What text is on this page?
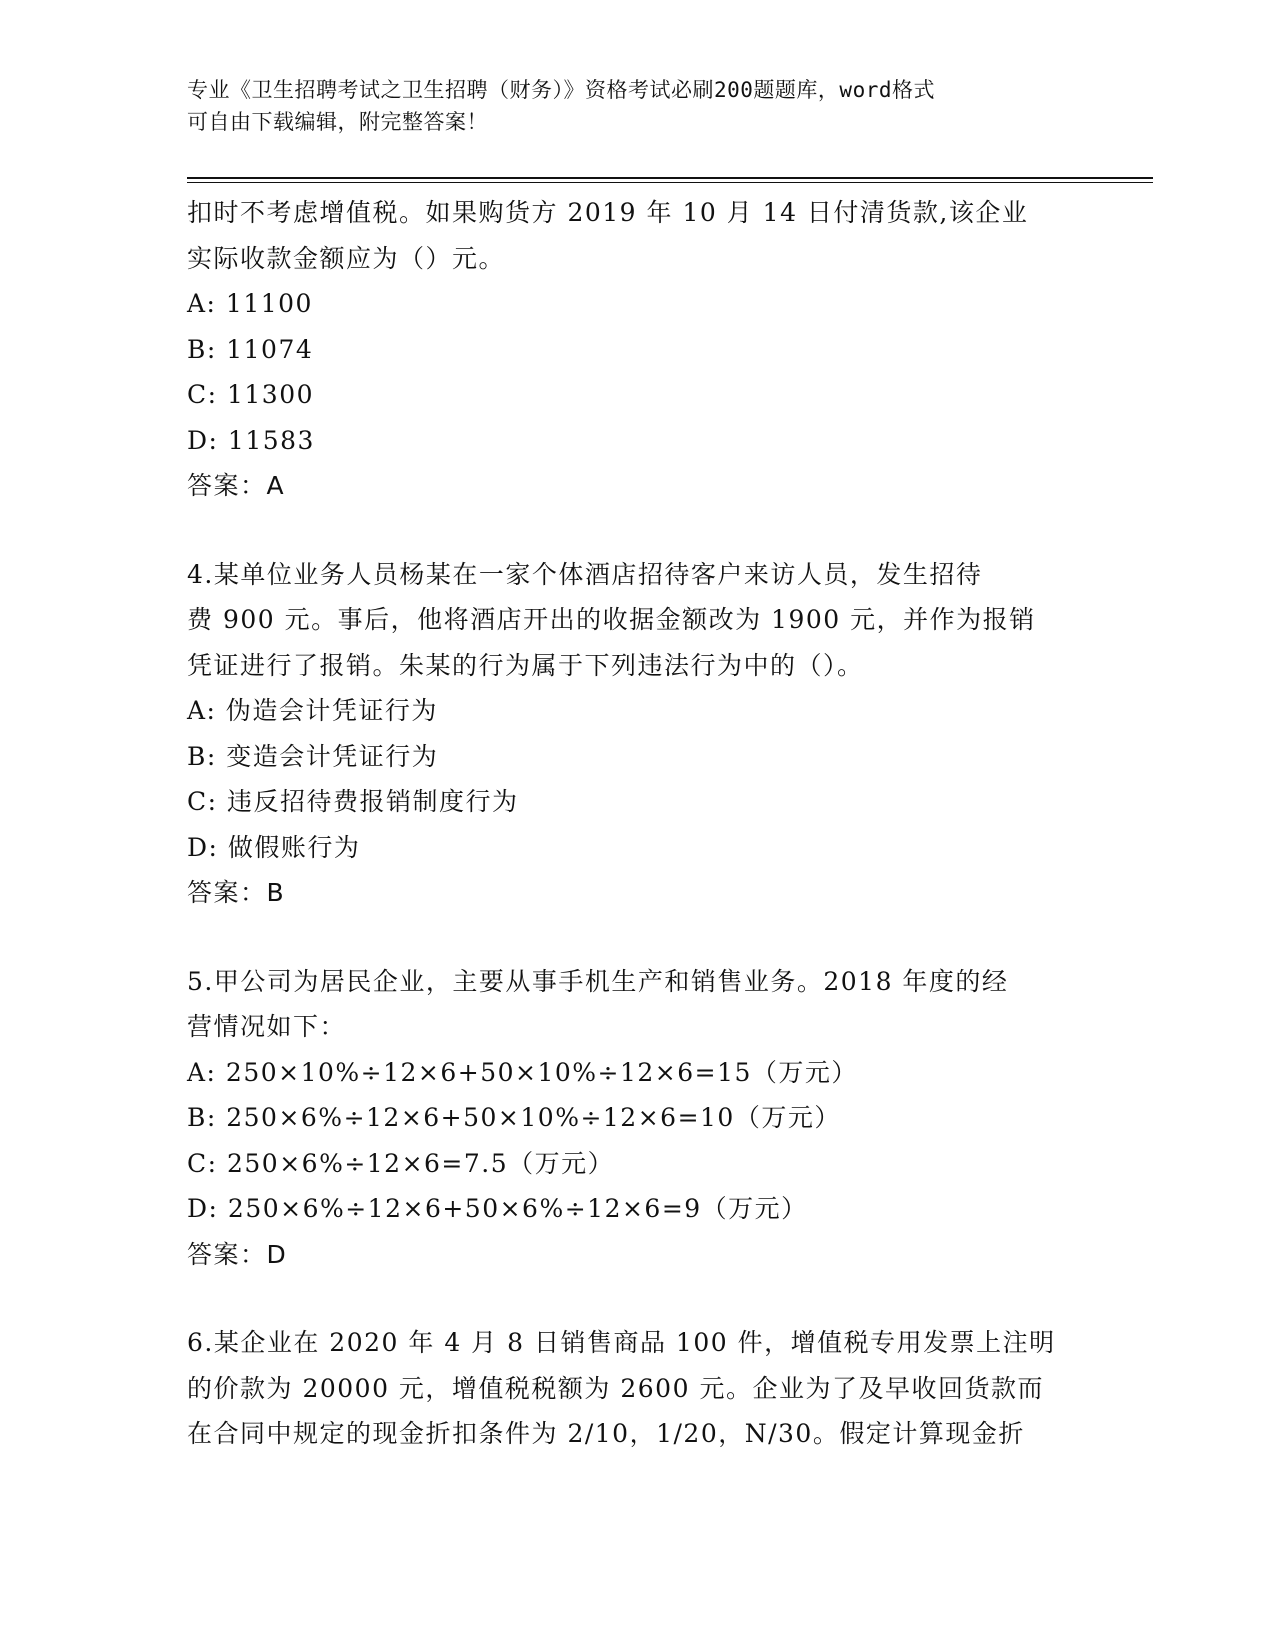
专业《卫生招聘考试之卫生招聘（财务）》资格考试必刷200题题库，word格式
可自由下载编辑，附完整答案！
扣时不考虑增值税。如果购货方 2019 年 10 月 14 日付清货款,该企业
实际收款金额应为（）元。
A: 11100
B: 11074
C: 11300
D: 11583
答案：A
4.某单位业务人员杨某在一家个体酒店招待客户来访人员，发生招待
费 900 元。事后，他将酒店开出的收据金额改为 1900 元，并作为报销
凭证进行了报销。朱某的行为属于下列违法行为中的（）。
A: 伪造会计凭证行为
B: 变造会计凭证行为
C: 违反招待费报销制度行为
D: 做假账行为
答案：B
5.甲公司为居民企业，主要从事手机生产和销售业务。2018 年度的经
营情况如下：
A: 250×10%÷12×6+50×10%÷12×6=15（万元）
B: 250×6%÷12×6+50×10%÷12×6=10（万元）
C: 250×6%÷12×6=7.5（万元）
D: 250×6%÷12×6+50×6%÷12×6=9（万元）
答案：D
6.某企业在 2020 年 4 月 8 日销售商品 100 件，增值税专用发票上注明
的价款为 20000 元，增值税税额为 2600 元。企业为了及早收回货款而
在合同中规定的现金折扣条件为 2/10，1/20，N/30。假定计算现金折
